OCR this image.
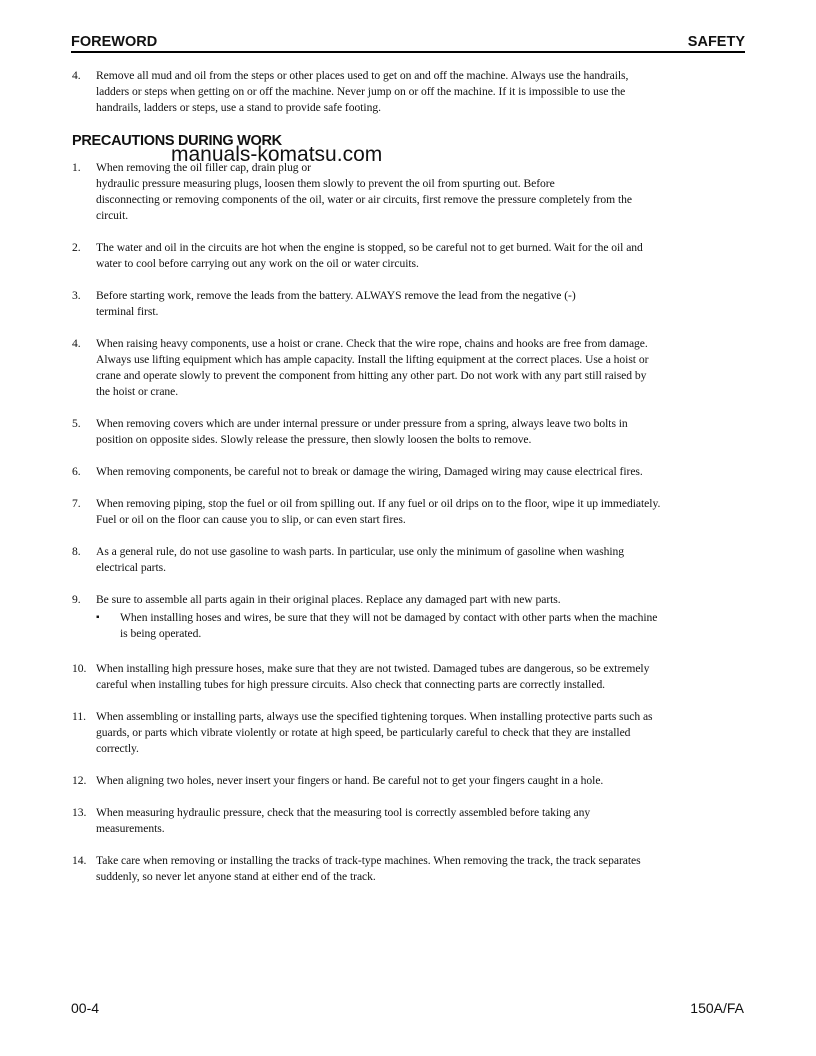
FOREWORD	SAFETY
4. Remove all mud and oil from the steps or other places used to get on and off the machine. Always use the handrails,
ladders or steps when getting on or off the machine. Never jump on or off the machine. If it is impossible to use the
handrails, ladders or steps, use a stand to provide safe footing.
PRECAUTIONS DURING WORK
manuals-komatsu.com
1. When removing the oil filler cap, drain plug or
hydraulic pressure measuring plugs, loosen them slowly to prevent the oil from spurting out. Before
disconnecting or removing components of the oil, water or air circuits, first remove the pressure completely from the
circuit.
2. The water and oil in the circuits are hot when the engine is stopped, so be careful not to get burned. Wait for the oil and
water to cool before carrying out any work on the oil or water circuits.
3. Before starting work, remove the leads from the battery. ALWAYS remove the lead from the negative (-)
terminal first.
4. When raising heavy components, use a hoist or crane. Check that the wire rope, chains and hooks are free from damage.
Always use lifting equipment which has ample capacity. Install the lifting equipment at the correct places. Use a hoist or
crane and operate slowly to prevent the component from hitting any other part. Do not work with any part still raised by
the hoist or crane.
5. When removing covers which are under internal pressure or under pressure from a spring, always leave two bolts in
position on opposite sides. Slowly release the pressure, then slowly loosen the bolts to remove.
6. When removing components, be careful not to break or damage the wiring, Damaged wiring may cause electrical fires.
7. When removing piping, stop the fuel or oil from spilling out. If any fuel or oil drips on to the floor, wipe it up immediately.
Fuel or oil on the floor can cause you to slip, or can even start fires.
8. As a general rule, do not use gasoline to wash parts. In particular, use only the minimum of gasoline when washing
electrical parts.
9. Be sure to assemble all parts again in their original places. Replace any damaged part with new parts.
▪ When installing hoses and wires, be sure that they will not be damaged by contact with other parts when the machine
is being operated.
10. When installing high pressure hoses, make sure that they are not twisted. Damaged tubes are dangerous, so be extremely
careful when installing tubes for high pressure circuits. Also check that connecting parts are correctly installed.
11. When assembling or installing parts, always use the specified tightening torques. When installing protective parts such as
guards, or parts which vibrate violently or rotate at high speed, be particularly careful to check that they are installed
correctly.
12. When aligning two holes, never insert your fingers or hand. Be careful not to get your fingers caught in a hole.
13. When measuring hydraulic pressure, check that the measuring tool is correctly assembled before taking any
measurements.
14. Take care when removing or installing the tracks of track-type machines. When removing the track, the track separates
suddenly, so never let anyone stand at either end of the track.
00-4	150A/FA
